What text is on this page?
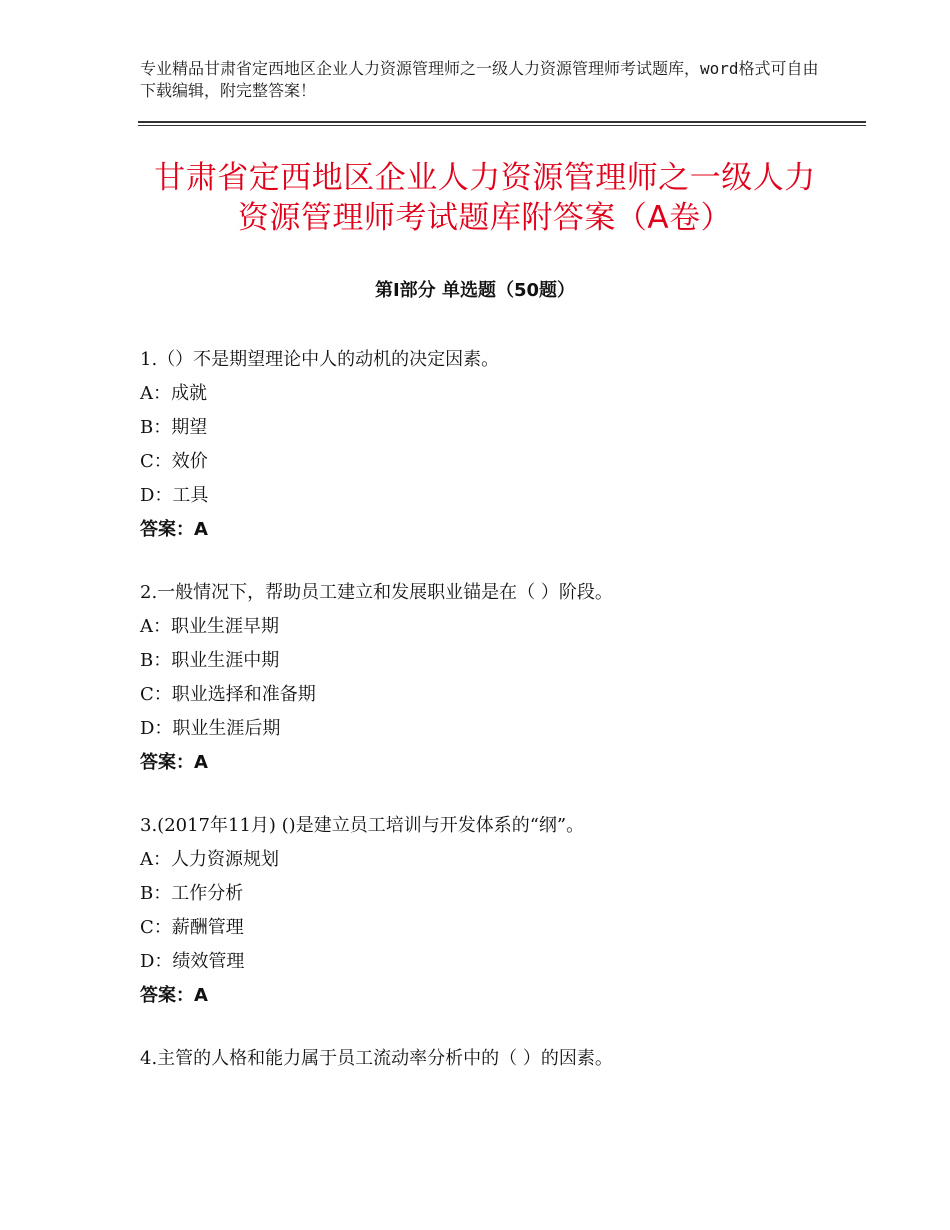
专业精品甘肃省定西地区企业人力资源管理师之一级人力资源管理师考试题库，word格式可自由下载编辑，附完整答案！
甘肃省定西地区企业人力资源管理师之一级人力资源管理师考试题库附答案（A卷）
第Ⅰ部分 单选题（50题）
1.（）不是期望理论中人的动机的决定因素。
A：成就
B：期望
C：效价
D：工具
答案：A
2.一般情况下，帮助员工建立和发展职业锚是在（ ）阶段。
A：职业生涯早期
B：职业生涯中期
C：职业选择和准备期
D：职业生涯后期
答案：A
3.(2017年11月) ()是建立员工培训与开发体系的“纲”。
A：人力资源规划
B：工作分析
C：薪酬管理
D：绩效管理
答案：A
4.主管的人格和能力属于员工流动率分析中的（ ）的因素。
